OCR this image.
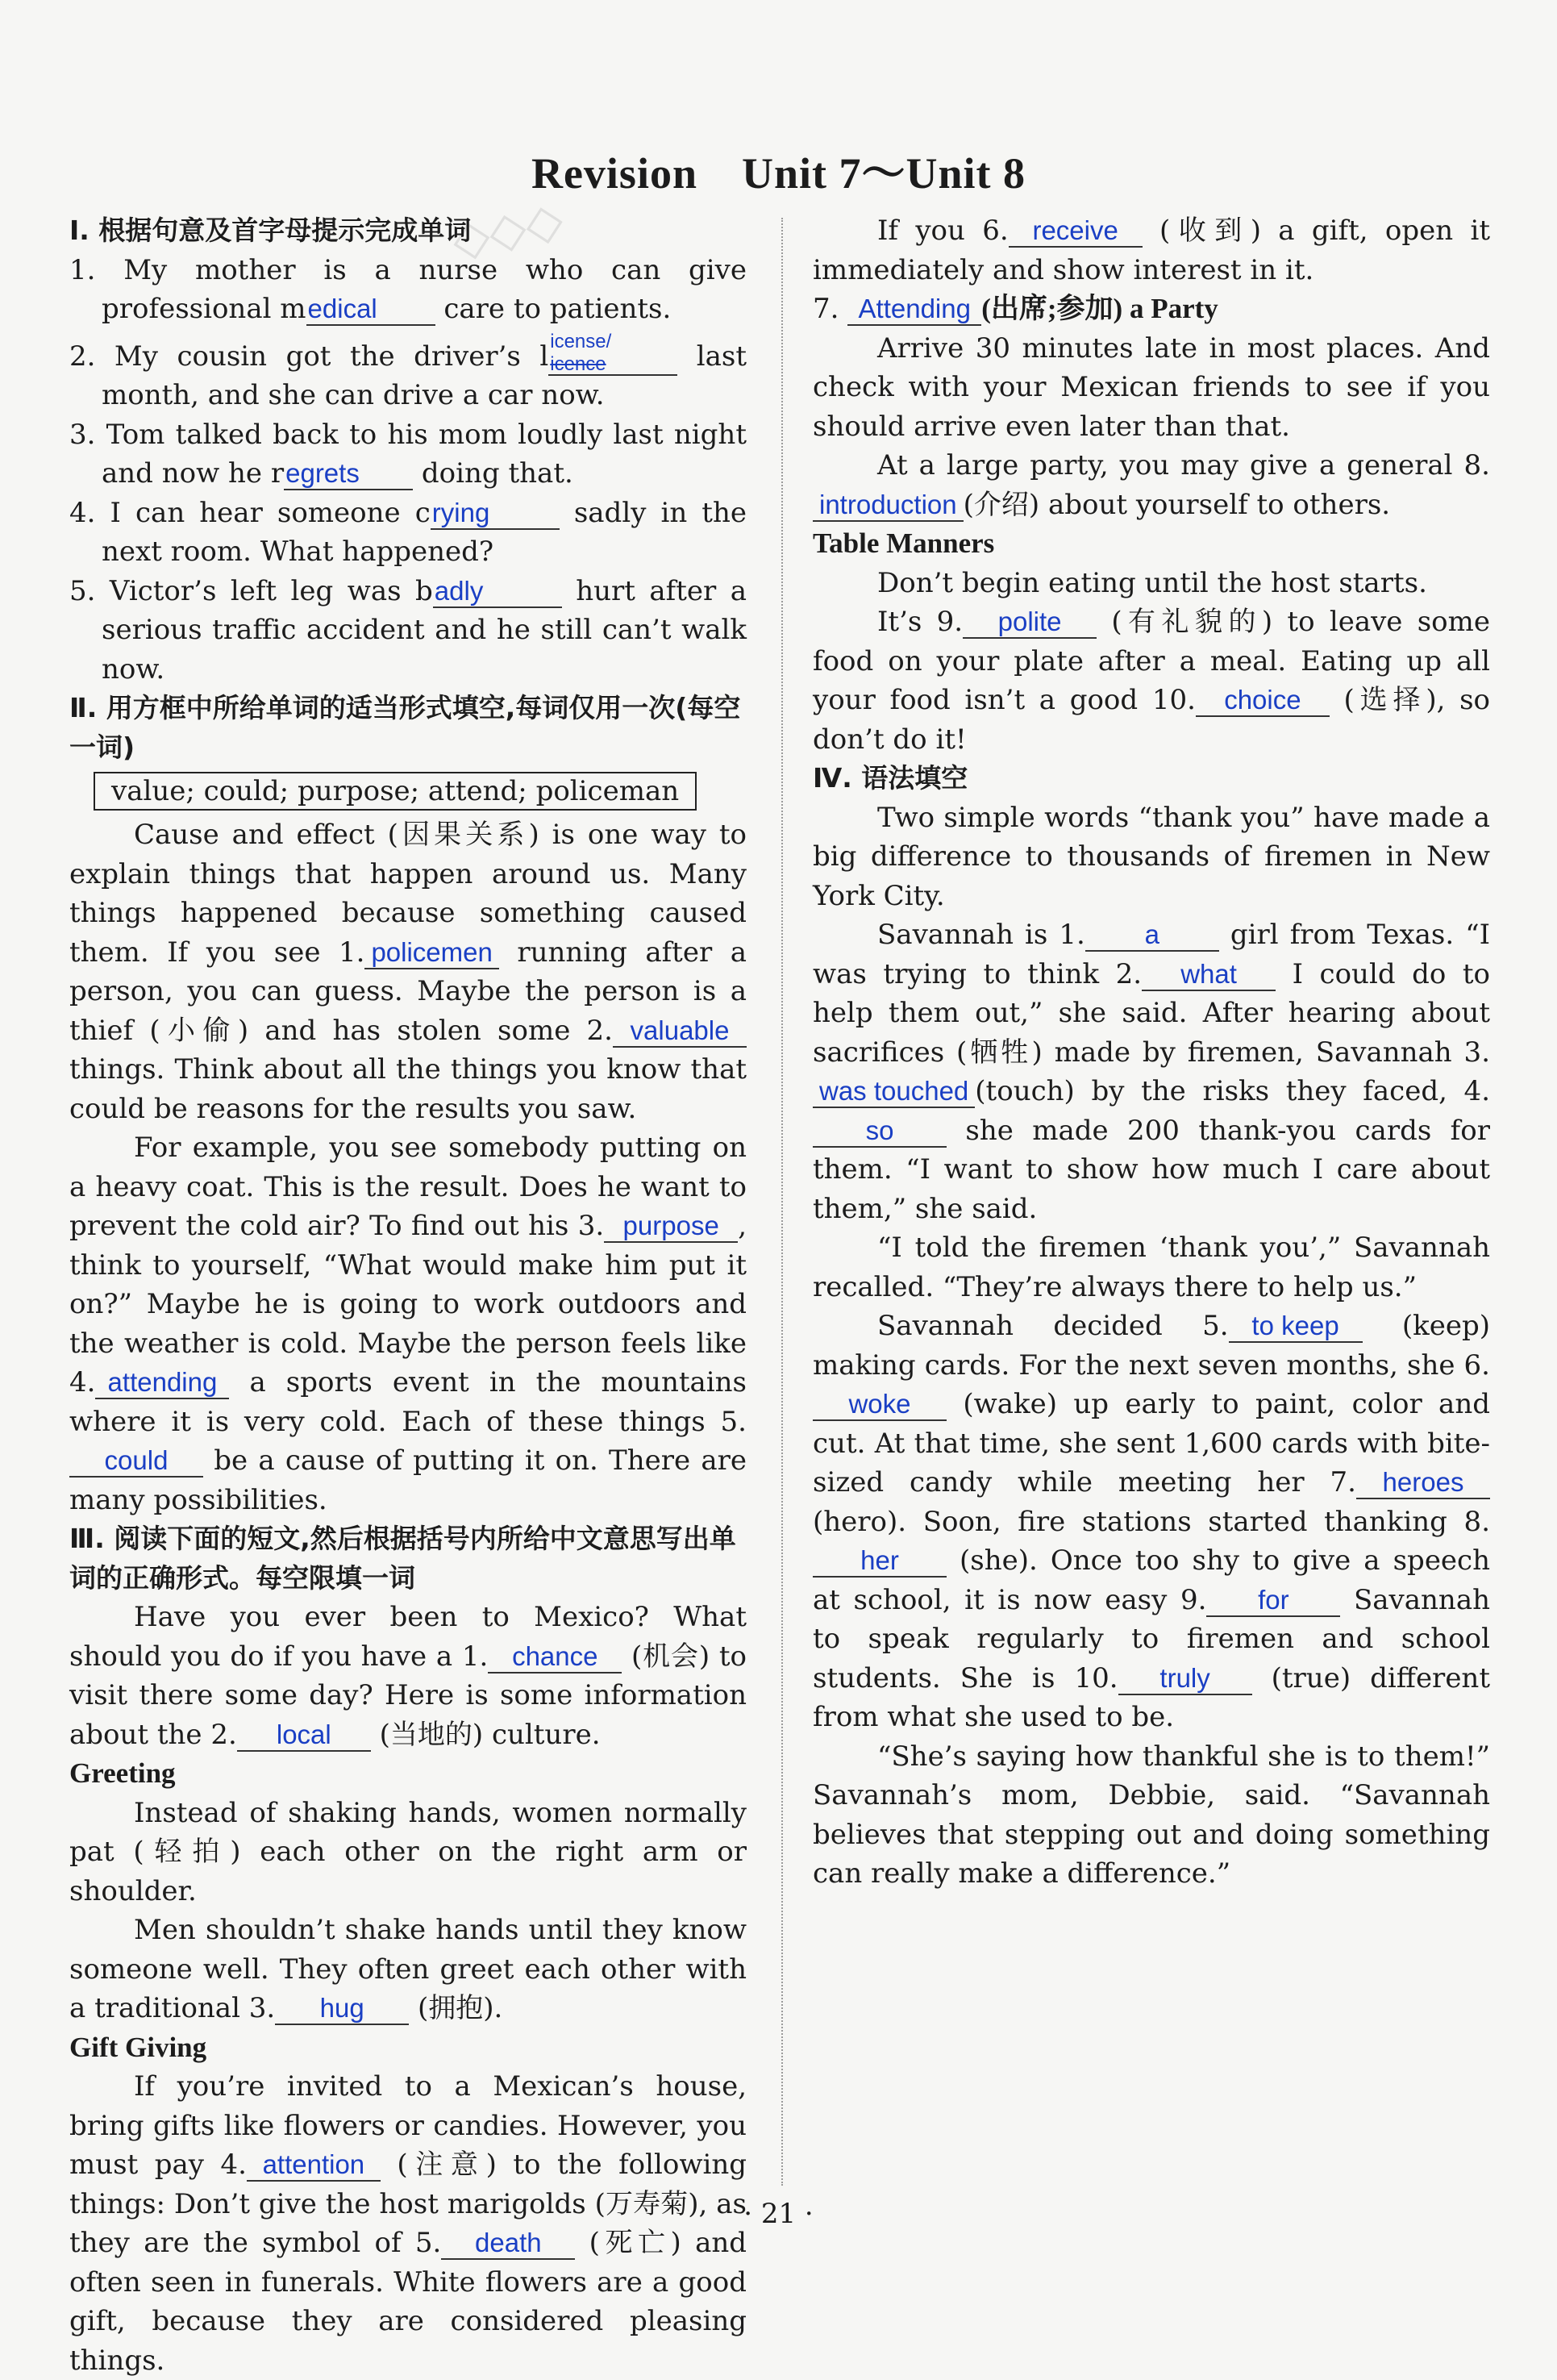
Revision　Unit 7～Unit 8
◇◇◇
Ⅰ. 根据句意及首字母提示完成单词

1. My mother is a nurse who can give professional medical care to patients.

2. My cousin got the driver’s license/
icence	last month, and she can drive a car now.

3. Tom talked back to his mom loudly last night and now he regrets doing that.

4. I can hear someone crying	sadly in the next room. What happened?

5. Victor’s left leg was badly	hurt after a serious traffic accident and he still can’t walk now.

Ⅱ. 用方框中所给单词的适当形式填空,每词仅用一次(每空一词)
value; could; purpose; attend; policeman

Cause and effect (因果关系) is one way to explain things that happen around us. Many things happened because something caused them. If you see 1. policemen running after a person, you can guess. Maybe the person is a thief (小偷) and has stolen some 2. valuable things. Think about all the things you know that could be reasons for the results you saw.

For example, you see somebody putting on a heavy coat. This is the result. Does he want to prevent the cold air? To find out his 3. purpose , think to yourself, “What would make him put it on?” Maybe he is going to work outdoors and the weather is cold. Maybe the person feels like 4. attending a sports event in the mountains where it is very cold. Each of these things 5.could be a cause of putting it on. There are many possibilities.

Ⅲ. 阅读下面的短文,然后根据括号内所给中文意思写出单词的正确形式。每空限填一词

Have you ever been to Mexico? What should you do if you have a 1. chance (机会) to visit there some day? Here is some information about the 2. local (当地的) culture.

Greeting

Instead of shaking hands, women normally pat (轻拍) each other on the right arm or shoulder.

Men shouldn’t shake hands until they know someone well. They often greet each other with a traditional 3. hug (拥抱).

Gift Giving

If you’re invited to a Mexican’s house, bring gifts like flowers or candies. However, you must pay 4. attention (注意) to the following things: Don’t give the host marigolds (万寿菊), as they are the symbol of 5. death (死亡) and often seen in funerals. White flowers are a good gift, because they are considered pleasing things.

If you 6. receive (收到) a gift, open it immediately and show interest in it.

7. Attending (出席;参加) a Party

Arrive 30 minutes late in most places. And check with your Mexican friends to see if you should arrive even later than that.

At a large party, you may give a general 8.introduction (介绍) about yourself to others.

Table Manners

Don’t begin eating until the host starts.

It’s 9. polite (有礼貌的) to leave some food on your plate after a meal. Eating up all your food isn’t a good 10. choice (选择), so don’t do it!

Ⅳ. 语法填空

Two simple words “thank you” have made a big difference to thousands of firemen in New York City.

Savannah is 1. a girl from Texas. “I was trying to think 2. what I could do to help them out,” she said. After hearing about sacrifices (牺牲) made by firemen, Savannah 3.was touched (touch) by the risks they faced, 4.so she made 200 thank-you cards for them. “I want to show how much I care about them,” she said.

“I told the firemen ‘thank you’,” Savannah recalled. “They’re always there to help us.”

Savannah decided 5. to keep (keep) making cards. For the next seven months, she 6.woke (wake) up early to paint, color and cut. At that time, she sent 1,600 cards with bite-sized candy while meeting her 7. heroes (hero). Soon, fire stations started thanking 8.her (she). Once too shy to give a speech at school, it is now easy 9. for Savannah to speak regularly to firemen and school students. She is 10. truly (true) different from what she used to be.

“She’s saying how thankful she is to them!” Savannah’s mom, Debbie, said. “Savannah believes that stepping out and doing something can really make a difference.”

· 21 ·
